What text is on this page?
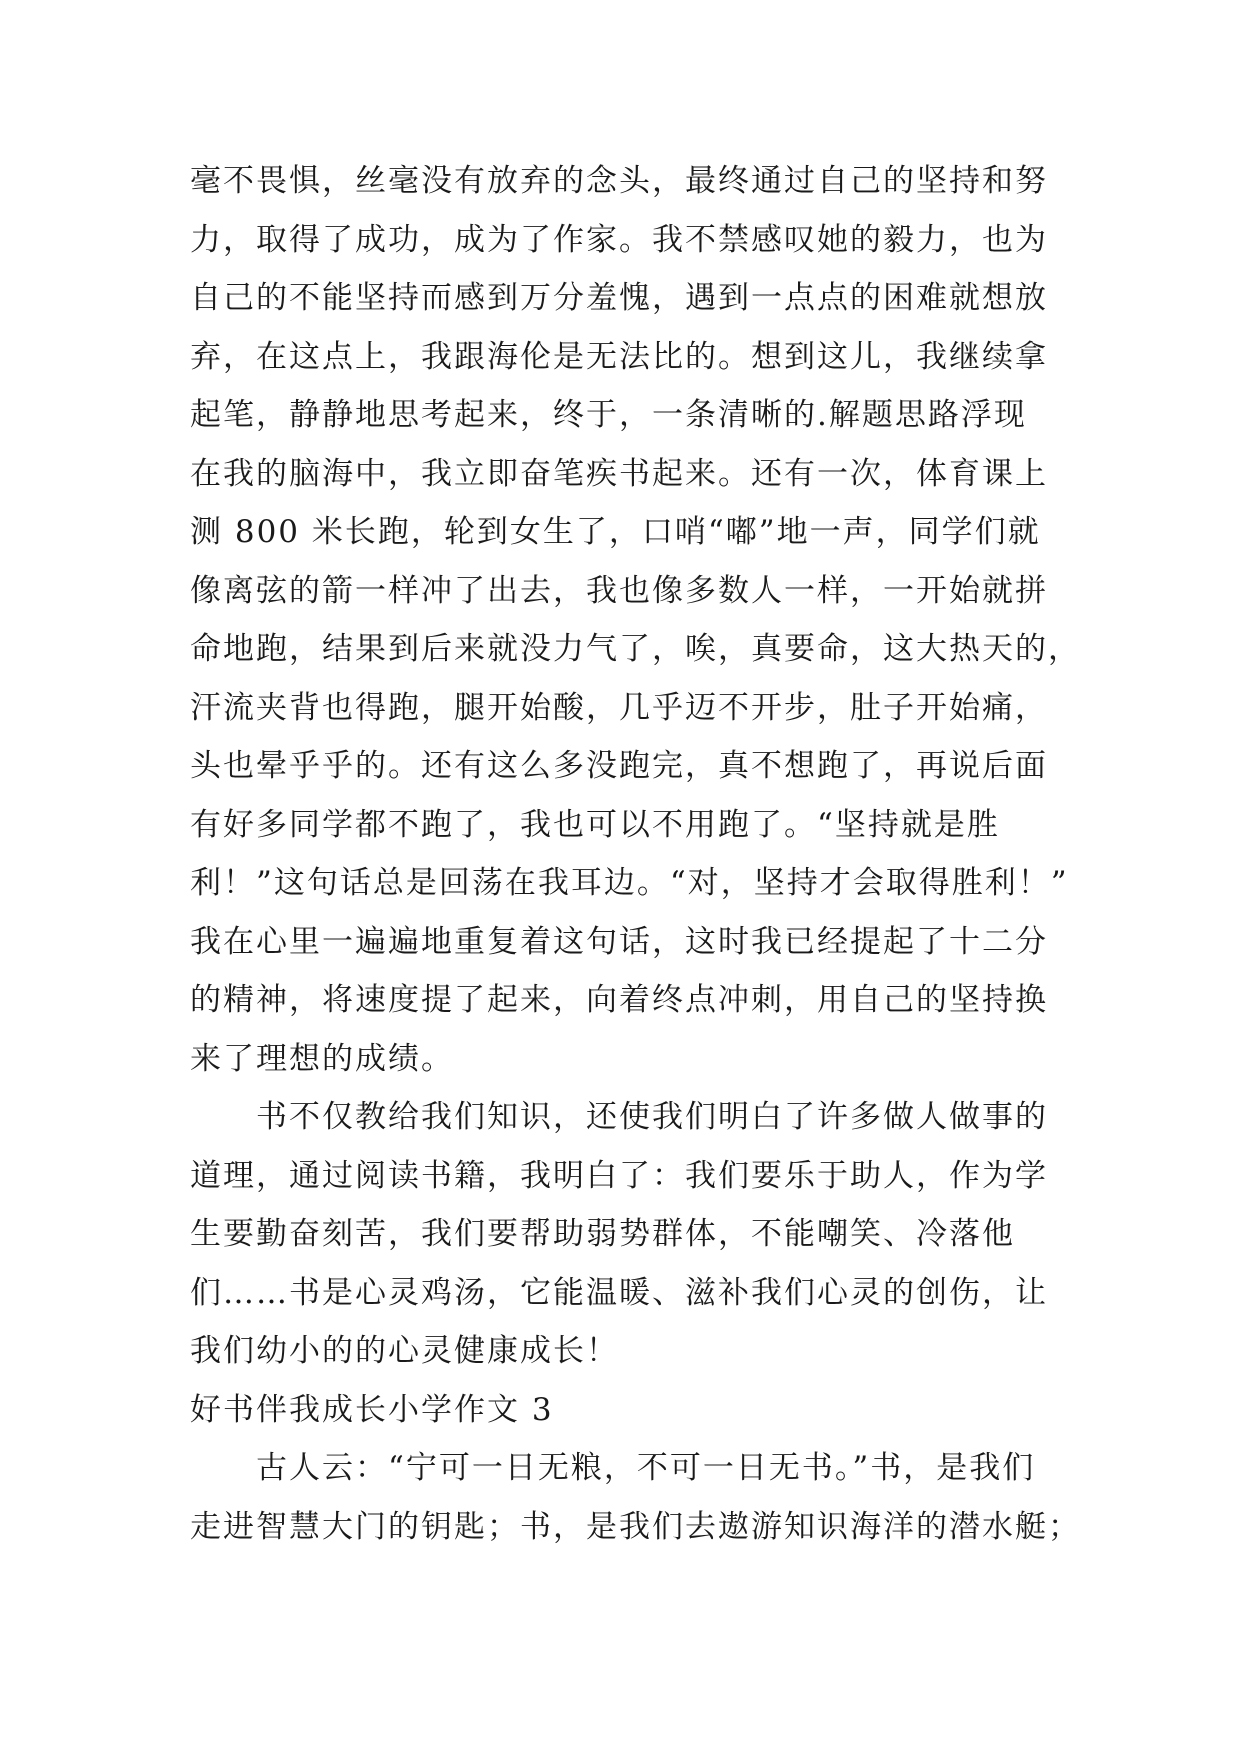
毫不畏惧，丝毫没有放弃的念头，最终通过自己的坚持和努
力，取得了成功，成为了作家。我不禁感叹她的毅力，也为
自己的不能坚持而感到万分羞愧，遇到一点点的困难就想放
弃，在这点上，我跟海伦是无法比的。想到这儿，我继续拿
起笔，静静地思考起来，终于，一条清晰的.解题思路浮现
在我的脑海中，我立即奋笔疾书起来。还有一次，体育课上
测 800 米长跑，轮到女生了，口哨“嘟”地一声，同学们就
像离弦的箭一样冲了出去，我也像多数人一样，一开始就拼
命地跑，结果到后来就没力气了，唉，真要命，这大热天的，
汗流夹背也得跑，腿开始酸，几乎迈不开步，肚子开始痛，
头也晕乎乎的。还有这么多没跑完，真不想跑了，再说后面
有好多同学都不跑了，我也可以不用跑了。“坚持就是胜
利！”这句话总是回荡在我耳边。“对，坚持才会取得胜利！”
我在心里一遍遍地重复着这句话，这时我已经提起了十二分
的精神，将速度提了起来，向着终点冲刺，用自己的坚持换
来了理想的成绩。
书不仅教给我们知识，还使我们明白了许多做人做事的
道理，通过阅读书籍，我明白了：我们要乐于助人，作为学
生要勤奋刻苦，我们要帮助弱势群体，不能嘲笑、冷落他
们……书是心灵鸡汤，它能温暖、滋补我们心灵的创伤，让
我们幼小的的心灵健康成长！
好书伴我成长小学作文 3
古人云：“宁可一日无粮，不可一日无书。”书，是我们
走进智慧大门的钥匙；书，是我们去遨游知识海洋的潜水艇；
